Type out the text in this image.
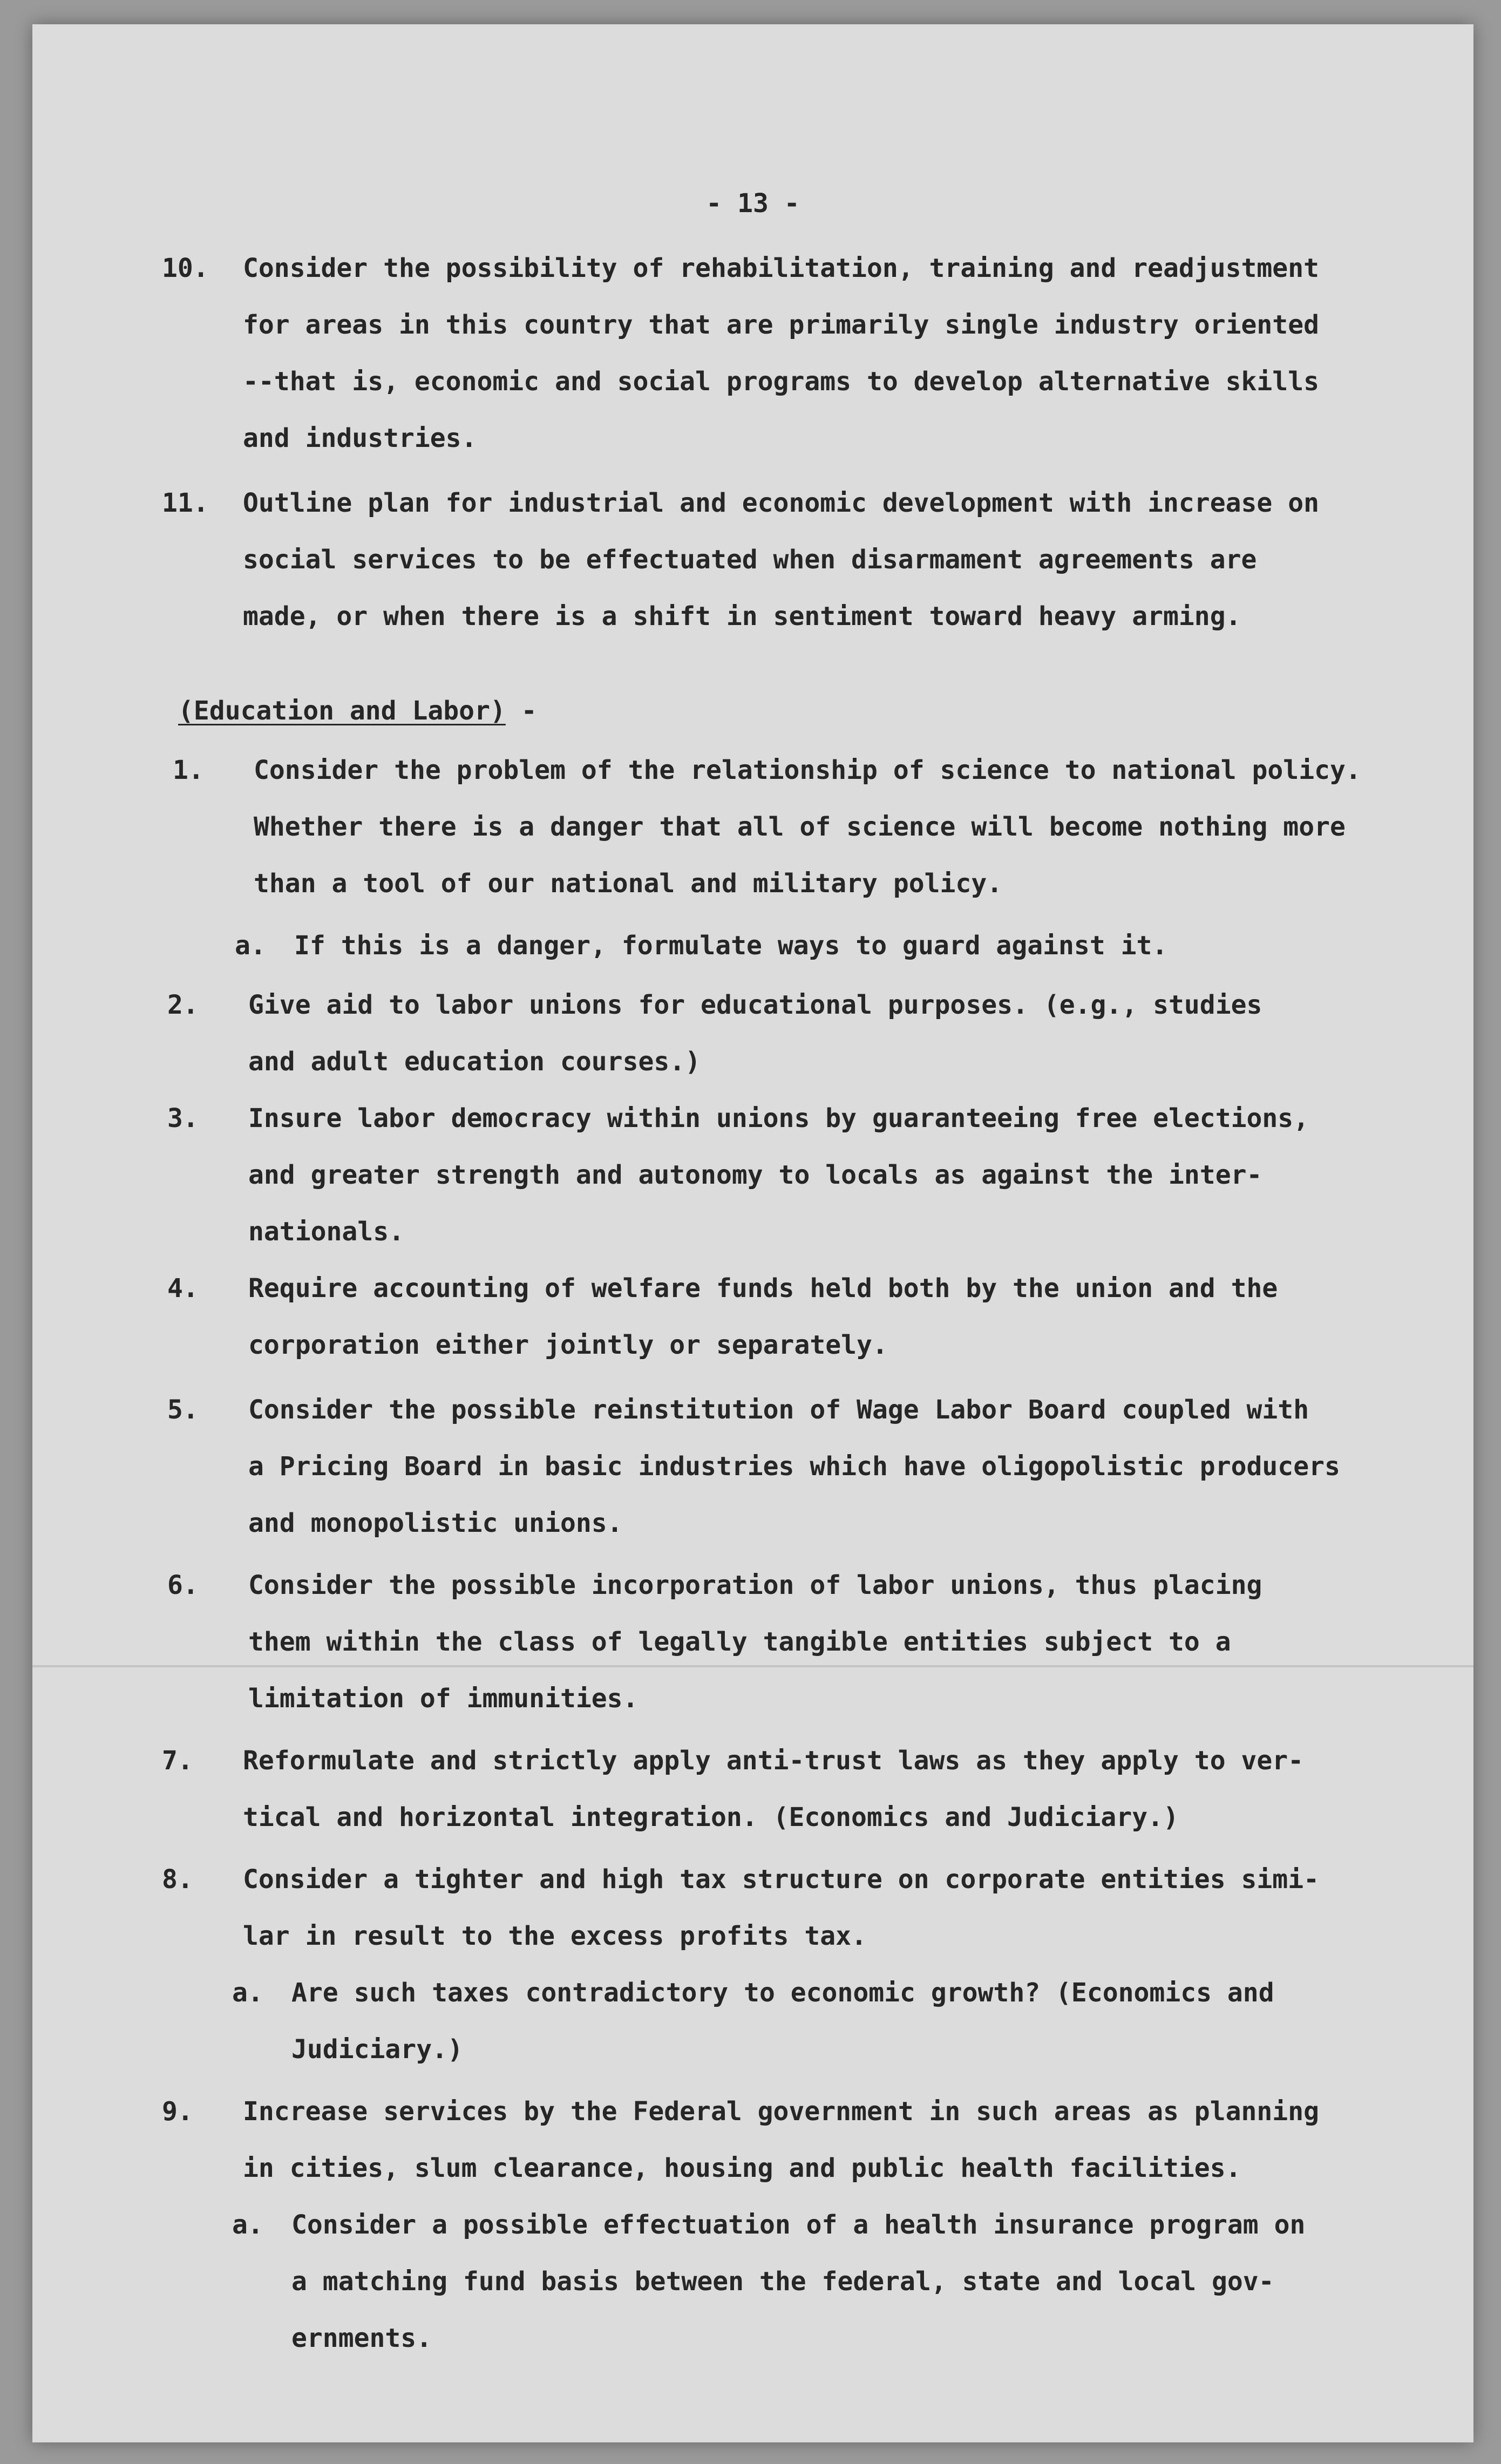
- 13 -
10.	Consider the possibility of rehabilitation, training and readjustment
for areas in this country that are primarily single industry oriented
--that is, economic and social programs to develop alternative skills
and industries.
11.	Outline plan for industrial and economic development with increase on
social services to be effectuated when disarmament agreements are
made, or when there is a shift in sentiment toward heavy arming.
(Education and Labor) -
1.	Consider the problem of the relationship of science to national policy.
Whether there is a danger that all of science will become nothing more
than a tool of our national and military policy.
a.	If this is a danger, formulate ways to guard against it.
2.	Give aid to labor unions for educational purposes. (e.g., studies
and adult education courses.)
3.	Insure labor democracy within unions by guaranteeing free elections,
and greater strength and autonomy to locals as against the inter-
nationals.
4.	Require accounting of welfare funds held both by the union and the
corporation either jointly or separately.
5.	Consider the possible reinstitution of Wage Labor Board coupled with
a Pricing Board in basic industries which have oligopolistic producers
and monopolistic unions.
6.	Consider the possible incorporation of labor unions, thus placing
them within the class of legally tangible entities subject to a
limitation of immunities.
7.	Reformulate and strictly apply anti-trust laws as they apply to ver-
tical and horizontal integration. (Economics and Judiciary.)
8.	Consider a tighter and high tax structure on corporate entities simi-
lar in result to the excess profits tax.
a.	Are such taxes contradictory to economic growth? (Economics and
Judiciary.)
9.	Increase services by the Federal government in such areas as planning
in cities, slum clearance, housing and public health facilities.
a.	Consider a possible effectuation of a health insurance program on
a matching fund basis between the federal, state and local gov-
ernments.
